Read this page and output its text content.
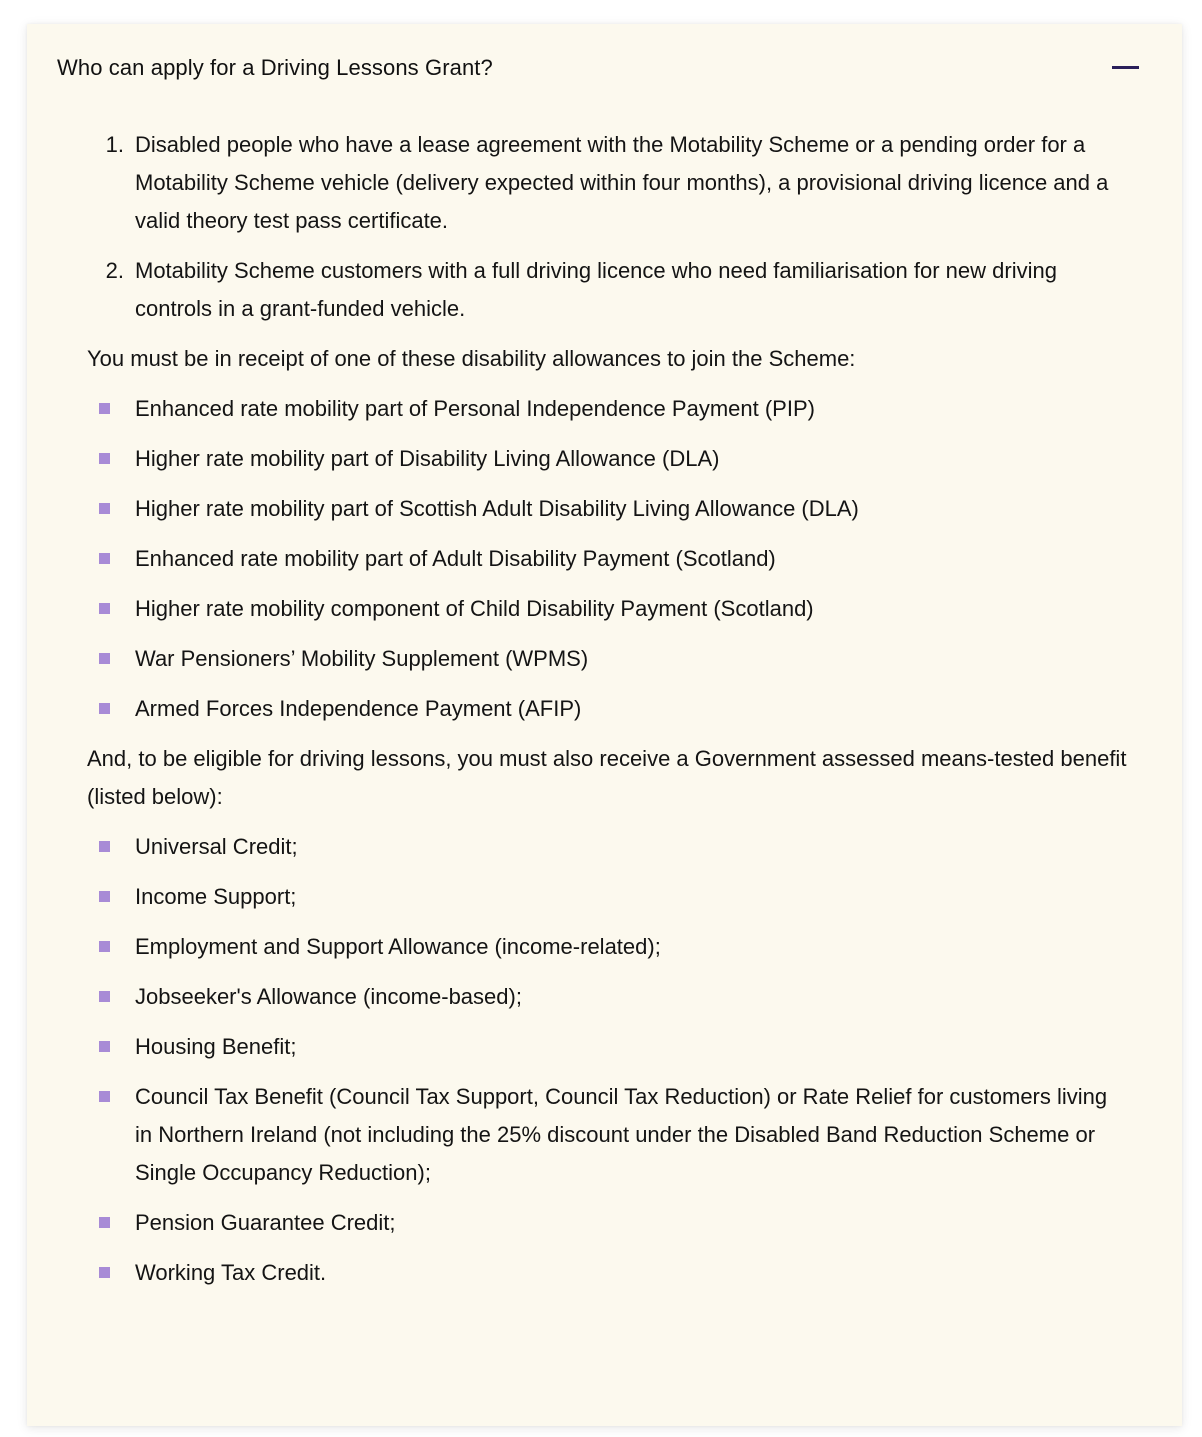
Who can apply for a Driving Lessons Grant?
1. Disabled people who have a lease agreement with the Motability Scheme or a pending order for a Motability Scheme vehicle (delivery expected within four months), a provisional driving licence and a valid theory test pass certificate.
2. Motability Scheme customers with a full driving licence who need familiarisation for new driving controls in a grant-funded vehicle.

You must be in receipt of one of these disability allowances to join the Scheme:

Enhanced rate mobility part of Personal Independence Payment (PIP)
Higher rate mobility part of Disability Living Allowance (DLA)
Higher rate mobility part of Scottish Adult Disability Living Allowance (DLA)
Enhanced rate mobility part of Adult Disability Payment (Scotland)
Higher rate mobility component of Child Disability Payment (Scotland)
War Pensioners’ Mobility Supplement (WPMS)
Armed Forces Independence Payment (AFIP)

And, to be eligible for driving lessons, you must also receive a Government assessed means-tested benefit (listed below):

Universal Credit;
Income Support;
Employment and Support Allowance (income-related);
Jobseeker's Allowance (income-based);
Housing Benefit;
Council Tax Benefit (Council Tax Support, Council Tax Reduction) or Rate Relief for customers living in Northern Ireland (not including the 25% discount under the Disabled Band Reduction Scheme or Single Occupancy Reduction);
Pension Guarantee Credit;
Working Tax Credit.
